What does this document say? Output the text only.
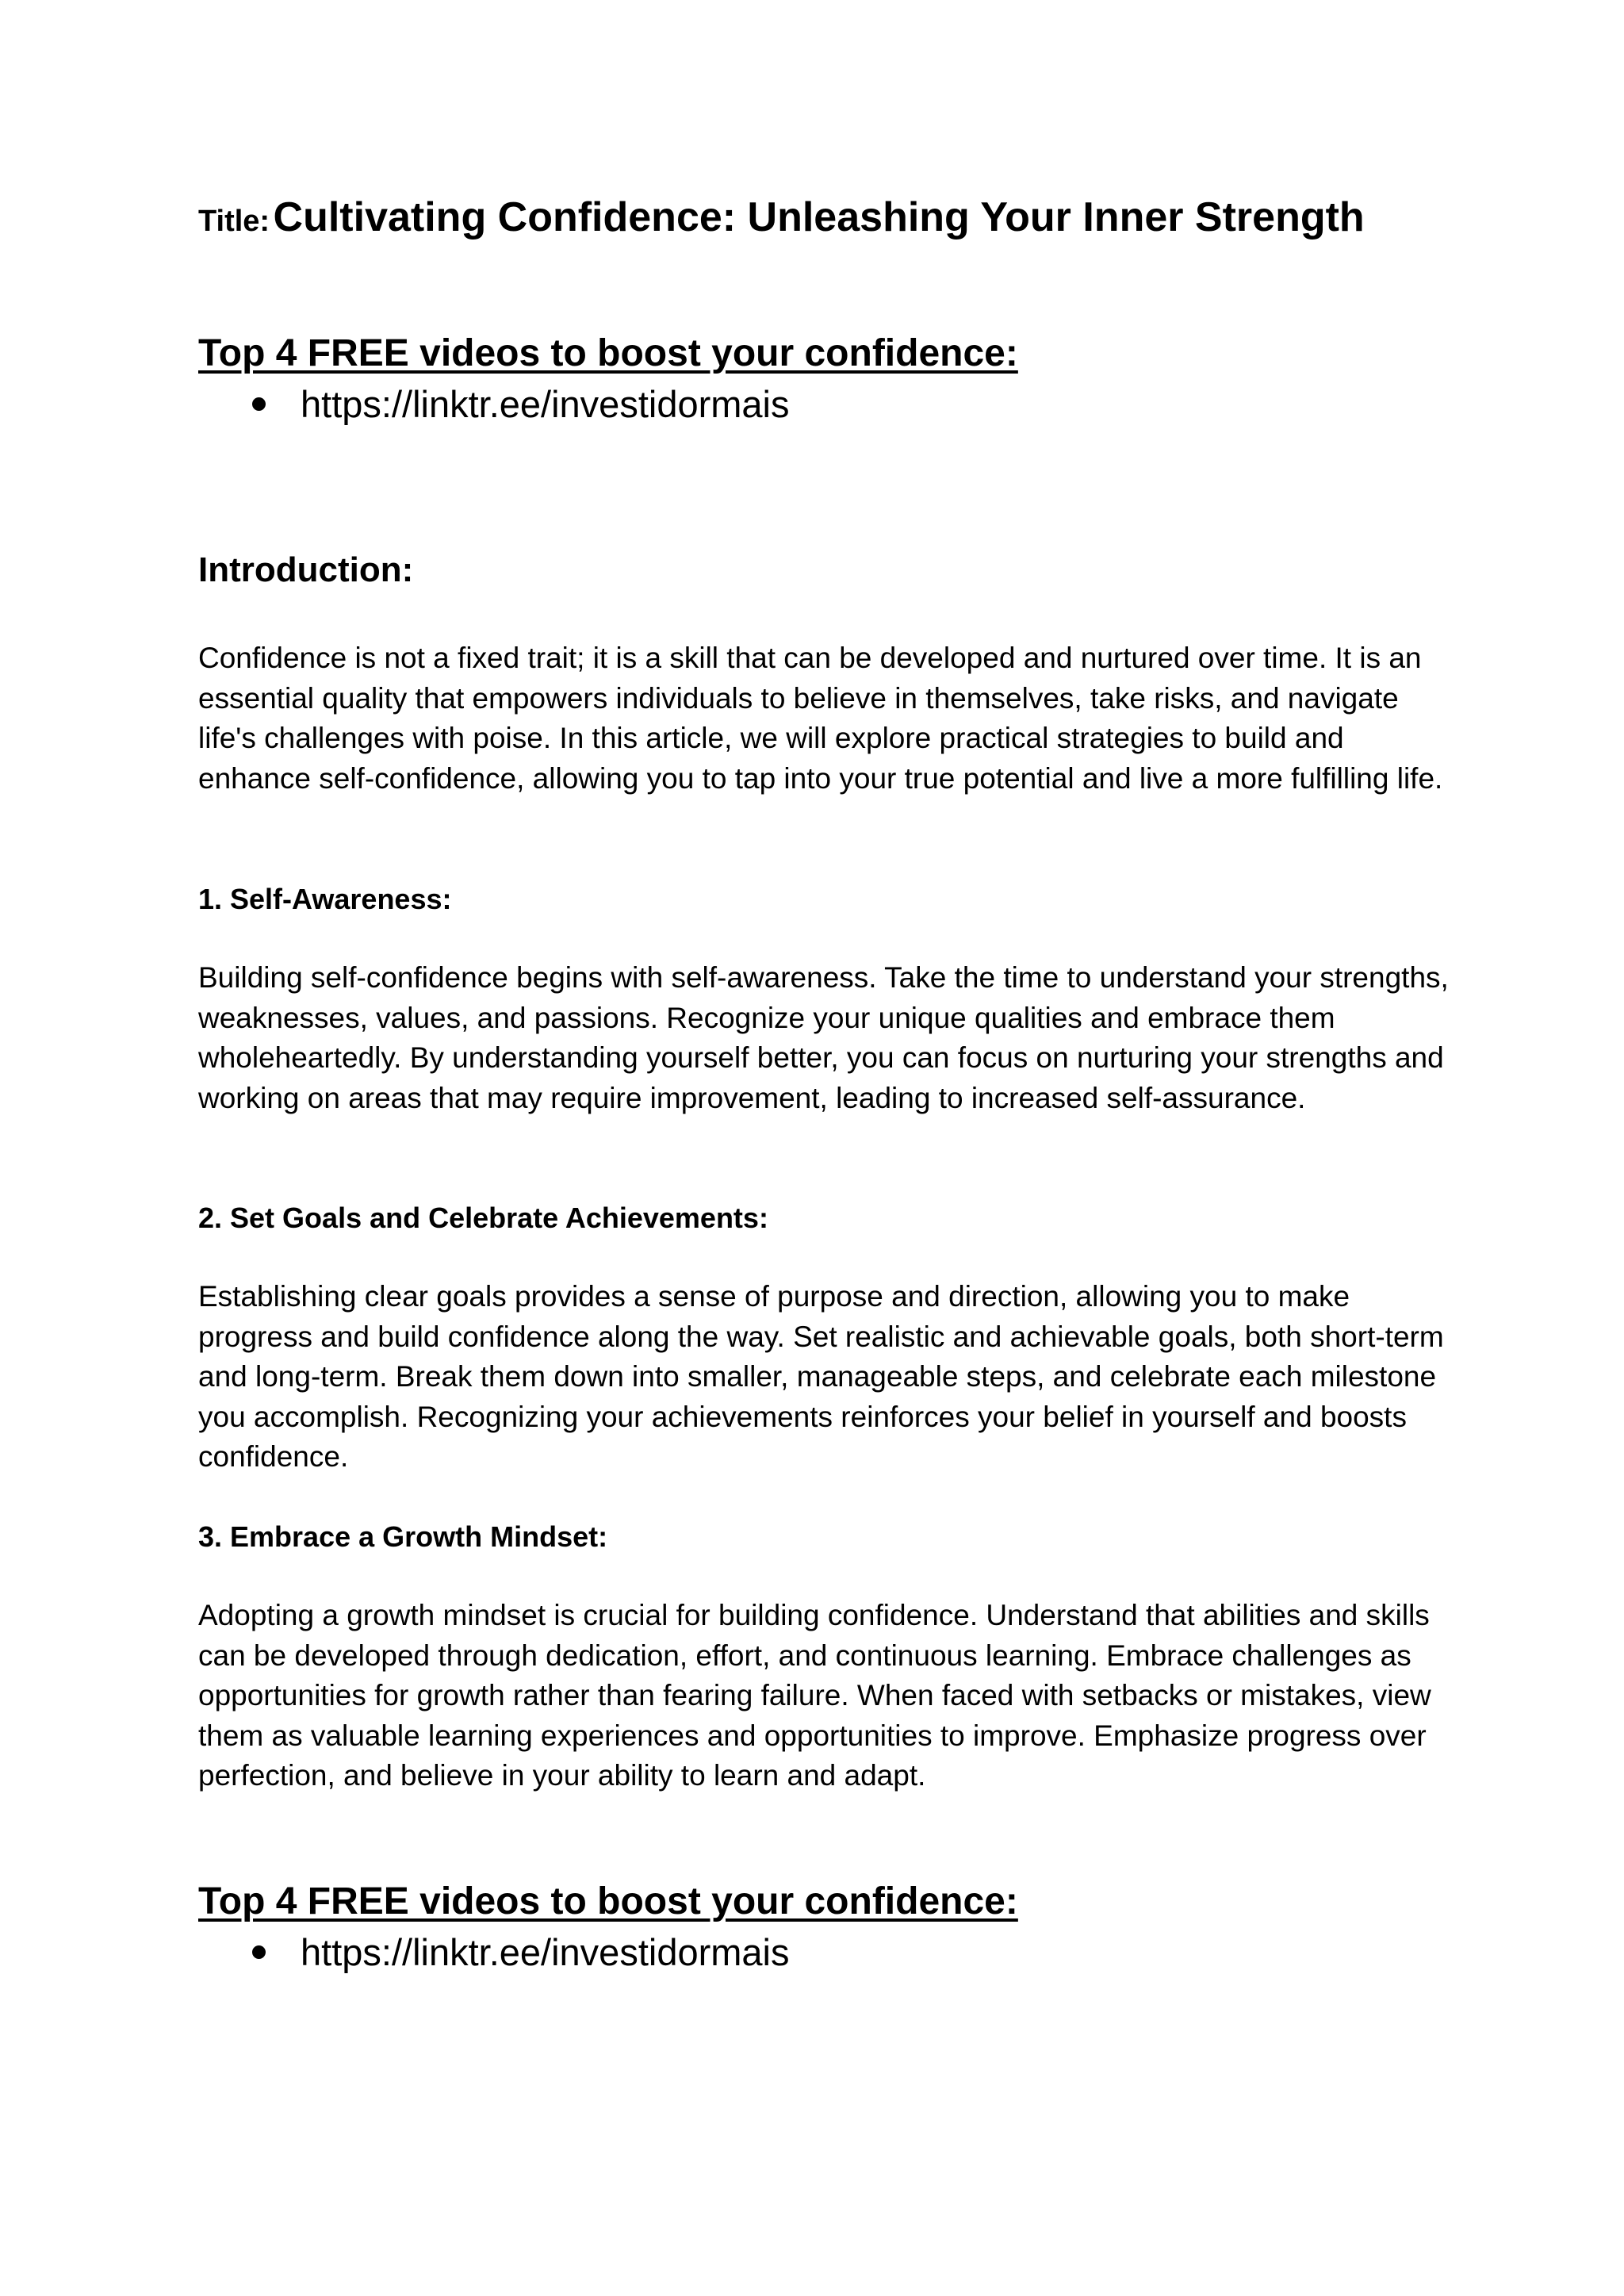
Title: Cultivating Confidence: Unleashing Your Inner Strength
Top 4 FREE videos to boost your confidence:
https://linktr.ee/investidormais
Introduction:

Confidence is not a fixed trait; it is a skill that can be developed and nurtured over time. It is an essential quality that empowers individuals to believe in themselves, take risks, and navigate life's challenges with poise. In this article, we will explore practical strategies to build and enhance self-confidence, allowing you to tap into your true potential and live a more fulfilling life.

1. Self-Awareness:

Building self-confidence begins with self-awareness. Take the time to understand your strengths, weaknesses, values, and passions. Recognize your unique qualities and embrace them wholeheartedly. By understanding yourself better, you can focus on nurturing your strengths and working on areas that may require improvement, leading to increased self-assurance.

2. Set Goals and Celebrate Achievements:

Establishing clear goals provides a sense of purpose and direction, allowing you to make progress and build confidence along the way. Set realistic and achievable goals, both short-term and long-term. Break them down into smaller, manageable steps, and celebrate each milestone you accomplish. Recognizing your achievements reinforces your belief in yourself and boosts confidence.

3. Embrace a Growth Mindset:

Adopting a growth mindset is crucial for building confidence. Understand that abilities and skills can be developed through dedication, effort, and continuous learning. Embrace challenges as opportunities for growth rather than fearing failure. When faced with setbacks or mistakes, view them as valuable learning experiences and opportunities to improve. Emphasize progress over perfection, and believe in your ability to learn and adapt.

Top 4 FREE videos to boost your confidence:
https://linktr.ee/investidormais
